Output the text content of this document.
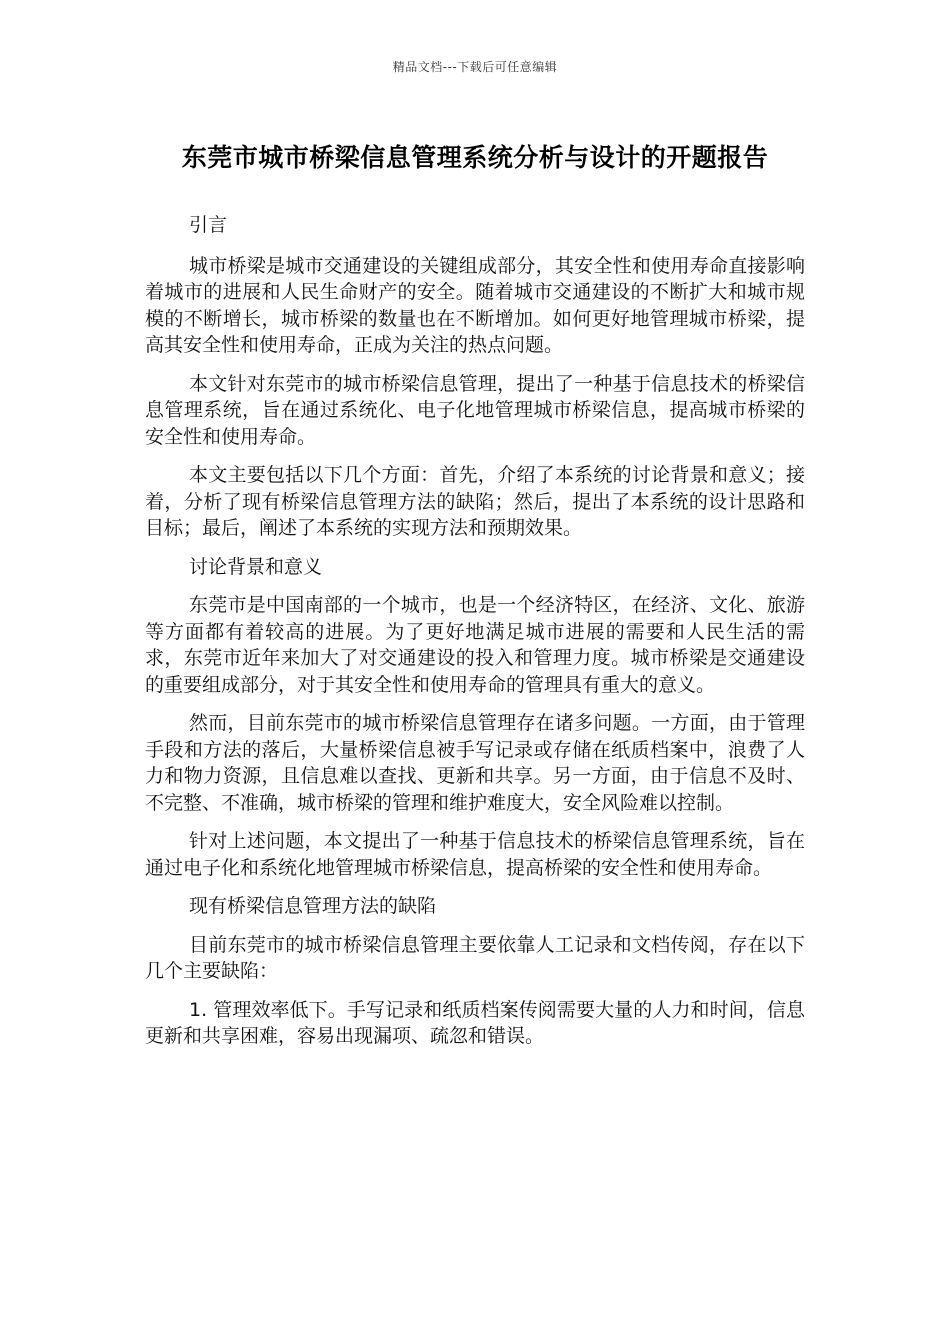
精品文档---下载后可任意编辑
东莞市城市桥梁信息管理系统分析与设计的开题报告

引言

城市桥梁是城市交通建设的关键组成部分，其安全性和使用寿命直接影响着城市的进展和人民生命财产的安全。随着城市交通建设的不断扩大和城市规模的不断增长，城市桥梁的数量也在不断增加。如何更好地管理城市桥梁，提高其安全性和使用寿命，正成为关注的热点问题。

本文针对东莞市的城市桥梁信息管理，提出了一种基于信息技术的桥梁信息管理系统，旨在通过系统化、电子化地管理城市桥梁信息，提高城市桥梁的安全性和使用寿命。

本文主要包括以下几个方面：首先，介绍了本系统的讨论背景和意义；接着，分析了现有桥梁信息管理方法的缺陷；然后，提出了本系统的设计思路和目标；最后，阐述了本系统的实现方法和预期效果。

讨论背景和意义

东莞市是中国南部的一个城市，也是一个经济特区，在经济、文化、旅游等方面都有着较高的进展。为了更好地满足城市进展的需要和人民生活的需求，东莞市近年来加大了对交通建设的投入和管理力度。城市桥梁是交通建设的重要组成部分，对于其安全性和使用寿命的管理具有重大的意义。

然而，目前东莞市的城市桥梁信息管理存在诸多问题。一方面，由于管理手段和方法的落后，大量桥梁信息被手写记录或存储在纸质档案中，浪费了人力和物力资源，且信息难以查找、更新和共享。另一方面，由于信息不及时、不完整、不准确，城市桥梁的管理和维护难度大，安全风险难以控制。

针对上述问题，本文提出了一种基于信息技术的桥梁信息管理系统，旨在通过电子化和系统化地管理城市桥梁信息，提高桥梁的安全性和使用寿命。

现有桥梁信息管理方法的缺陷

目前东莞市的城市桥梁信息管理主要依靠人工记录和文档传阅，存在以下几个主要缺陷：

1. 管理效率低下。手写记录和纸质档案传阅需要大量的人力和时间，信息更新和共享困难，容易出现漏项、疏忽和错误。
